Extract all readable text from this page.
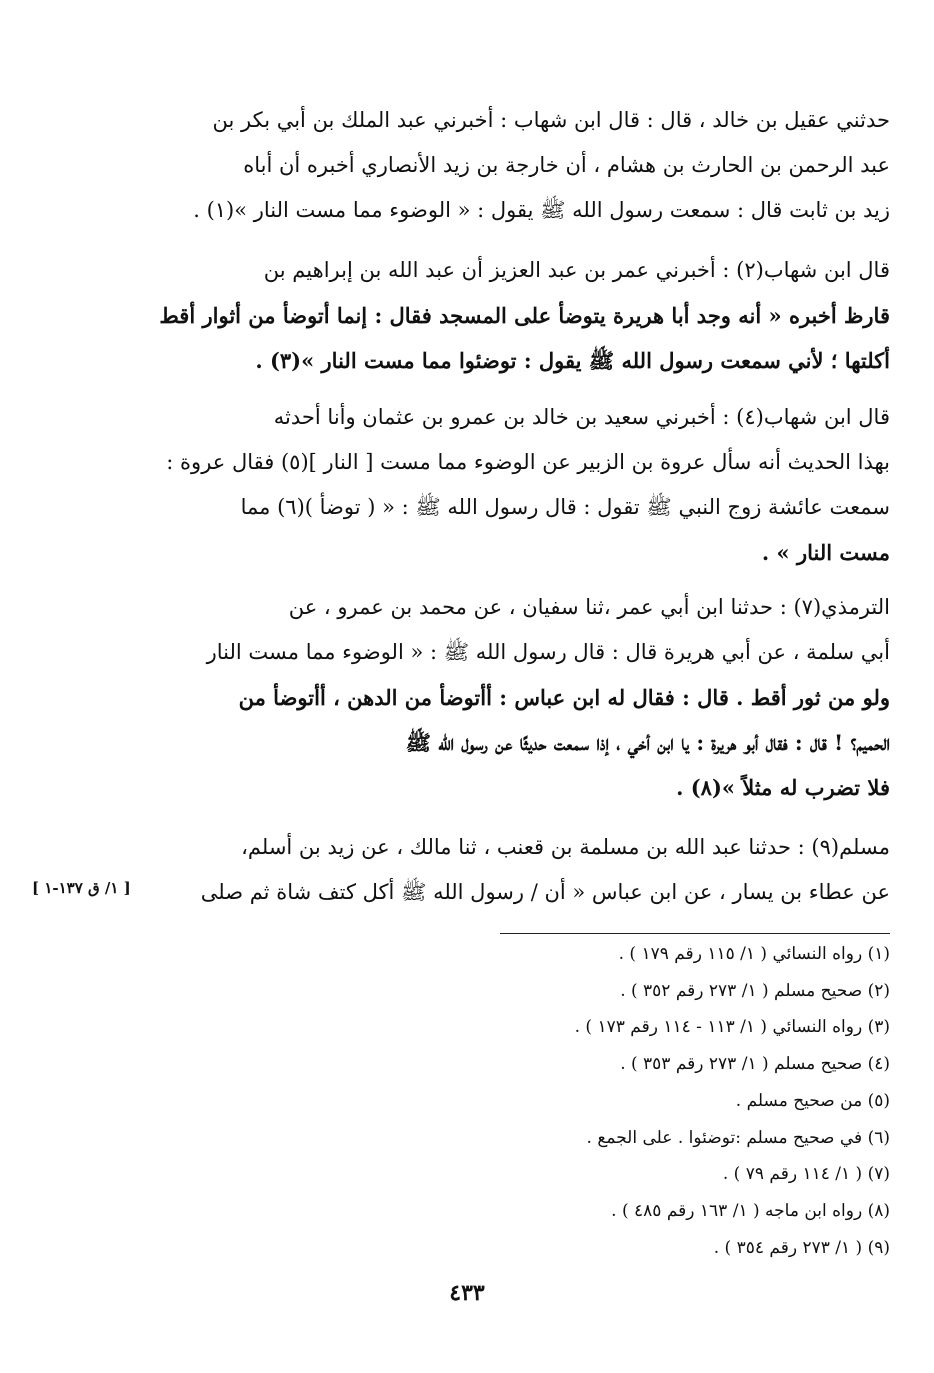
حدثني عقيل بن خالد ، قال : قال ابن شهاب : أخبرني عبد الملك بن أبي بكر بن
عبد الرحمن بن الحارث بن هشام ، أن خارجة بن زيد الأنصاري أخبره أن أباه
زيد بن ثابت قال : سمعت رسول الله ﷺ يقول : « الوضوء مما مست النار »(١) .
قال ابن شهاب(٢) : أخبرني عمر بن عبد العزيز أن عبد الله بن إبراهيم بن
قارظ أخبره « أنه وجد أبا هريرة يتوضأ على المسجد فقال : إنما أتوضأ من أثوار أقط
أكلتها ؛ لأني سمعت رسول الله ﷺ يقول : توضئوا مما مست النار »(٣) .
قال ابن شهاب(٤) : أخبرني سعيد بن خالد بن عمرو بن عثمان وأنا أحدثه
بهذا الحديث أنه سأل عروة بن الزبير عن الوضوء مما مست [ النار ](٥) فقال عروة :
سمعت عائشة زوج النبي ﷺ تقول : قال رسول الله ﷺ : « ( توضأ )(٦) مما
مست النار » .
الترمذي(٧) : حدثنا ابن أبي عمر ،ثنا سفيان ، عن محمد بن عمرو ، عن
أبي سلمة ، عن أبي هريرة قال : قال رسول الله ﷺ : « الوضوء مما مست النار
ولو من ثور أقط . قال : فقال له ابن عباس : أأتوضأ من الدهن ، أأتوضأ من
الحميم؟ ! قال : فقال أبو هريرة : يا ابن أخي ، إذا سمعت حديثًا عن رسول الله ﷺ
فلا تضرب له مثلاً »(٨) .
مسلم(٩) : حدثنا عبد الله بن مسلمة بن قعنب ، ثنا مالك ، عن زيد بن أسلم،
عن عطاء بن يسار ، عن ابن عباس « أن / رسول الله ﷺ أكل كتف شاة ثم صلى
[ ١/ ق ١٣٧-١ ]
(١) رواه النسائي ( ١/ ١١٥ رقم ١٧٩ ) .
(٢) صحيح مسلم ( ١/ ٢٧٣ رقم ٣٥٢ ) .
(٣) رواه النسائي ( ١/ ١١٣ - ١١٤ رقم ١٧٣ ) .
(٤) صحيح مسلم ( ١/ ٢٧٣ رقم ٣٥٣ ) .
(٥) من صحيح مسلم .
(٦) في صحيح مسلم :توضئوا . على الجمع .
(٧) ( ١/ ١١٤ رقم ٧٩ ) .
(٨) رواه ابن ماجه ( ١/ ١٦٣ رقم ٤٨٥ ) .
(٩) ( ١/ ٢٧٣ رقم ٣٥٤ ) .
٤٣٣
